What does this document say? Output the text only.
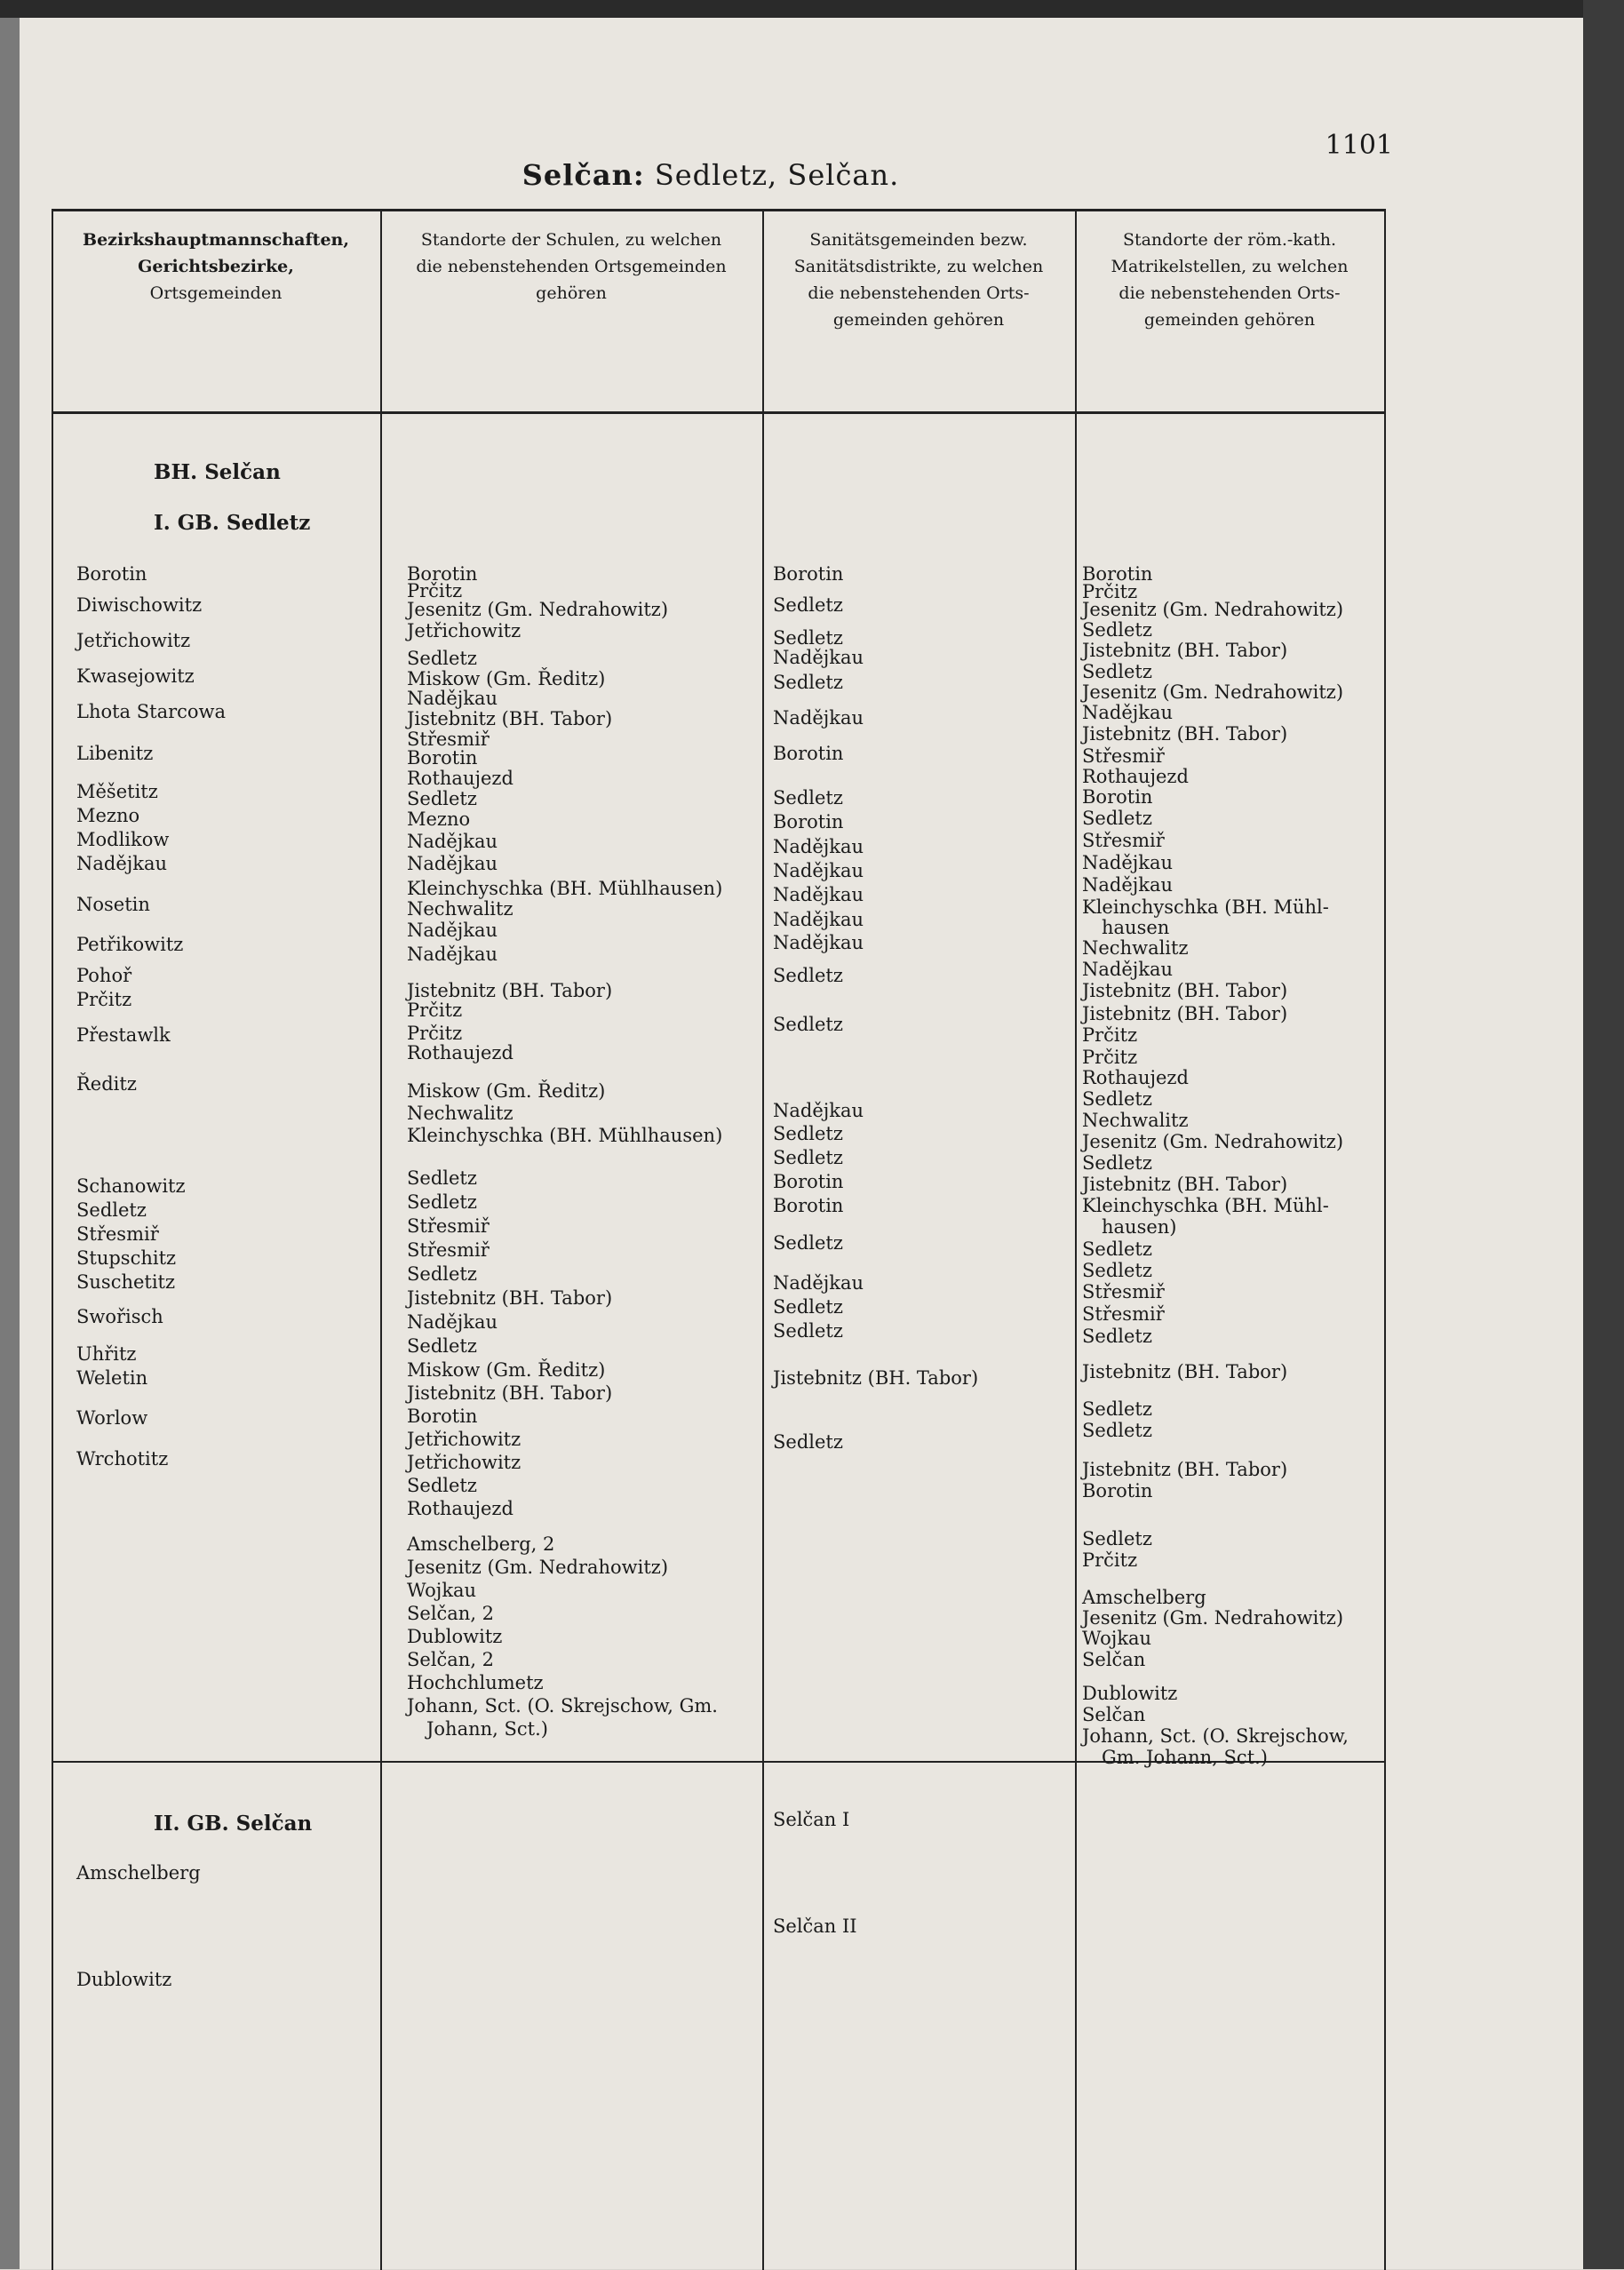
1101
Selčan: Sedletz, Selčan.
Bezirkshauptmannschaften,
Gerichtsbezirke,
Ortsgemeinden
Standorte der Schulen, zu welchen
die nebenstehenden Ortsgemeinden
gehören
Sanitätsgemeinden bezw.
Sanitätsdistrikte, zu welchen
die nebenstehenden Orts-
gemeinden gehören
Standorte der röm.-kath.
Matrikelstellen, zu welchen
die nebenstehenden Orts-
gemeinden gehören
BH. Selčan
I. GB. Sedletz
II. GB. Selčan
Borotin
Diwischowitz
Jetřichowitz
Kwasejowitz
Lhota Starcowa
Libenitz
Měšetitz
Mezno
Modlikow
Nadějkau
Nosetin
Petřikowitz
Pohoř
Prčitz
Přestawlk
Ředitz
Schanowitz
Sedletz
Střesmiř
Stupschitz
Suschetitz
Swořisch
Uhřitz
Weletin
Worlow
Wrchotitz
Amschelberg
Dublowitz
Borotin
Prčitz
Jesenitz (Gm. Nedrahowitz)
Jetřichowitz
Sedletz
Miskow (Gm. Ředitz)
Nadějkau
Jistebnitz (BH. Tabor)
Střesmiř
Borotin
Rothaujezd
Sedletz
Mezno
Nadějkau
Nadějkau
Kleinchyschka (BH. Mühlhausen)
Nechwalitz
Nadějkau
Nadějkau
Jistebnitz (BH. Tabor)
Prčitz
Prčitz
Rothaujezd
Miskow (Gm. Ředitz)
Nechwalitz
Kleinchyschka (BH. Mühlhausen)
Sedletz
Sedletz
Střesmiř
Střesmiř
Sedletz
Jistebnitz (BH. Tabor)
Nadějkau
Sedletz
Miskow (Gm. Ředitz)
Jistebnitz (BH. Tabor)
Borotin
Jetřichowitz
Jetřichowitz
Sedletz
Rothaujezd
Amschelberg, 2
Jesenitz (Gm. Nedrahowitz)
Wojkau
Selčan, 2
Dublowitz
Selčan, 2
Hochchlumetz
Johann, Sct. (O. Skrejschow, Gm.
Johann, Sct.)
Borotin
Sedletz
Sedletz
Nadějkau
Sedletz
Nadějkau
Borotin
Sedletz
Borotin
Nadějkau
Nadějkau
Nadějkau
Nadějkau
Nadějkau
Sedletz
Sedletz
Nadějkau
Sedletz
Sedletz
Borotin
Borotin
Sedletz
Nadějkau
Sedletz
Sedletz
Jistebnitz (BH. Tabor)
Sedletz
Selčan I
Selčan II
Borotin
Prčitz
Jesenitz (Gm. Nedrahowitz)
Sedletz
Jistebnitz (BH. Tabor)
Sedletz
Jesenitz (Gm. Nedrahowitz)
Nadějkau
Jistebnitz (BH. Tabor)
Střesmiř
Rothaujezd
Borotin
Sedletz
Střesmiř
Nadějkau
Nadějkau
Kleinchyschka (BH. Mühl-
hausen
Nechwalitz
Nadějkau
Jistebnitz (BH. Tabor)
Jistebnitz (BH. Tabor)
Prčitz
Prčitz
Rothaujezd
Sedletz
Nechwalitz
Jesenitz (Gm. Nedrahowitz)
Sedletz
Jistebnitz (BH. Tabor)
Kleinchyschka (BH. Mühl-
hausen)
Sedletz
Sedletz
Střesmiř
Střesmiř
Sedletz
Jistebnitz (BH. Tabor)
Sedletz
Sedletz
Jistebnitz (BH. Tabor)
Borotin
Sedletz
Prčitz
Amschelberg
Jesenitz (Gm. Nedrahowitz)
Wojkau
Selčan
Dublowitz
Selčan
Johann, Sct. (O. Skrejschow,
Gm. Johann, Sct.)
